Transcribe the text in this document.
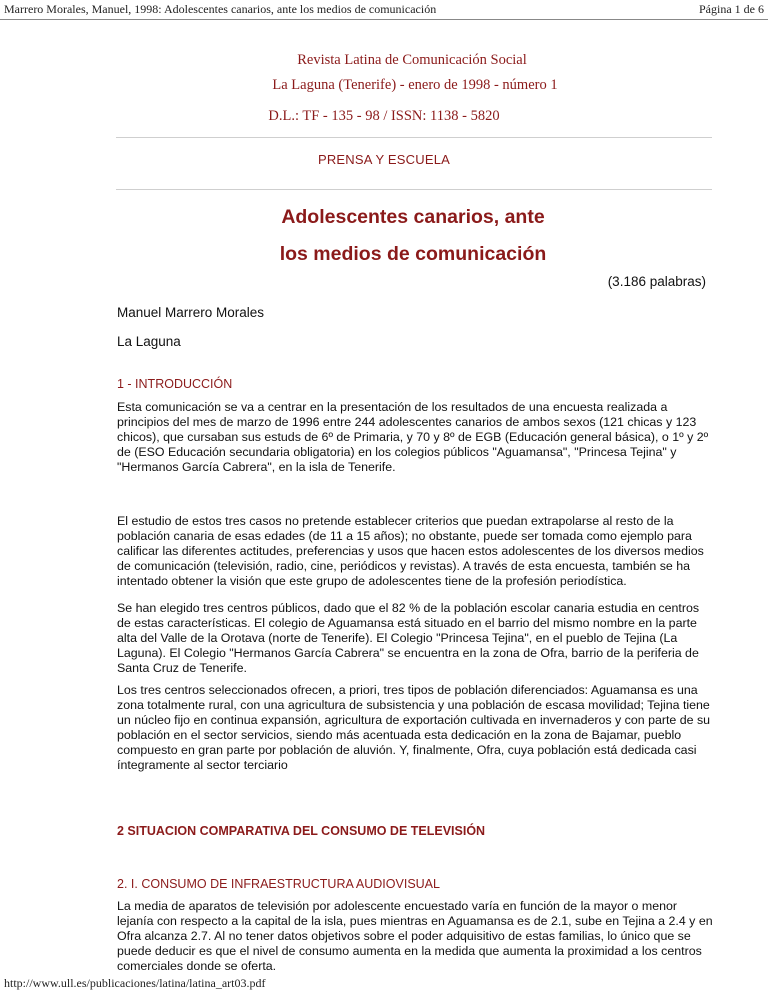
Marrero Morales, Manuel, 1998: Adolescentes canarios, ante los medios de comunicación	Página 1 de 6
Revista Latina de Comunicación Social
La Laguna (Tenerife) - enero de 1998 - número 1
D.L.: TF - 135 - 98 / ISSN: 1138 - 5820
PRENSA Y ESCUELA
Adolescentes canarios, ante
los medios de comunicación
(3.186 palabras)
Manuel Marrero Morales
La Laguna
1 - INTRODUCCIÓN

Esta comunicación se va a centrar en la presentación de los resultados de una encuesta realizada a principios del mes de marzo de 1996 entre 244 adolescentes canarios de ambos sexos (121 chicas y 123 chicos), que cursaban sus estuds de 6º de Primaria, y 70 y 8º de EGB (Educación general básica), o 1º y 2º de (ESO Educación secundaria obligatoria) en los colegios públicos "Aguamansa", "Princesa Tejina" y "Hermanos García Cabrera", en la isla de Tenerife.

El estudio de estos tres casos no pretende establecer criterios que puedan extrapolarse al resto de la población canaria de esas edades (de 11 a 15 años); no obstante, puede ser tomada como ejemplo para calificar las diferentes actitudes, preferencias y usos que hacen estos adolescentes de los diversos medios de comunicación (televisión, radio, cine, periódicos y revistas). A través de esta encuesta, también se ha intentado obtener la visión que este grupo de adolescentes tiene de la profesión periodística.

Se han elegido tres centros públicos, dado que el 82 % de la población escolar canaria estudia en centros de estas características. El colegio de Aguamansa está situado en el barrio del mismo nombre en la parte alta del Valle de la Orotava (norte de Tenerife). El Colegio "Princesa Tejina", en el pueblo de Tejina (La Laguna). El Colegio "Hermanos García Cabrera" se encuentra en la zona de Ofra, barrio de la periferia de Santa Cruz de Tenerife.

Los tres centros seleccionados ofrecen, a priori, tres tipos de población diferenciados: Aguamansa es una zona totalmente rural, con una agricultura de subsistencia y una población de escasa movilidad; Tejina tiene un núcleo fijo en continua expansión, agricultura de exportación cultivada en invernaderos y con parte de su población en el sector servicios, siendo más acentuada esta dedicación en la zona de Bajamar, pueblo compuesto en gran parte por población de aluvión. Y, finalmente, Ofra, cuya población está dedicada casi íntegramente al sector terciario

2 SITUACION COMPARATIVA DEL CONSUMO DE TELEVISIÓN
2. I. CONSUMO DE INFRAESTRUCTURA AUDIOVISUAL

La media de aparatos de televisión por adolescente encuestado varía en función de la mayor o menor lejanía con respecto a la capital de la isla, pues mientras en Aguamansa es de 2.1, sube en Tejina a 2.4 y en Ofra alcanza 2.7. Al no tener datos objetivos sobre el poder adquisitivo de estas familias, lo único que se puede deducir es que el nivel de consumo aumenta en la medida que aumenta la proximidad a los centros comerciales donde se oferta.

http://www.ull.es/publicaciones/latina/latina_art03.pdf
